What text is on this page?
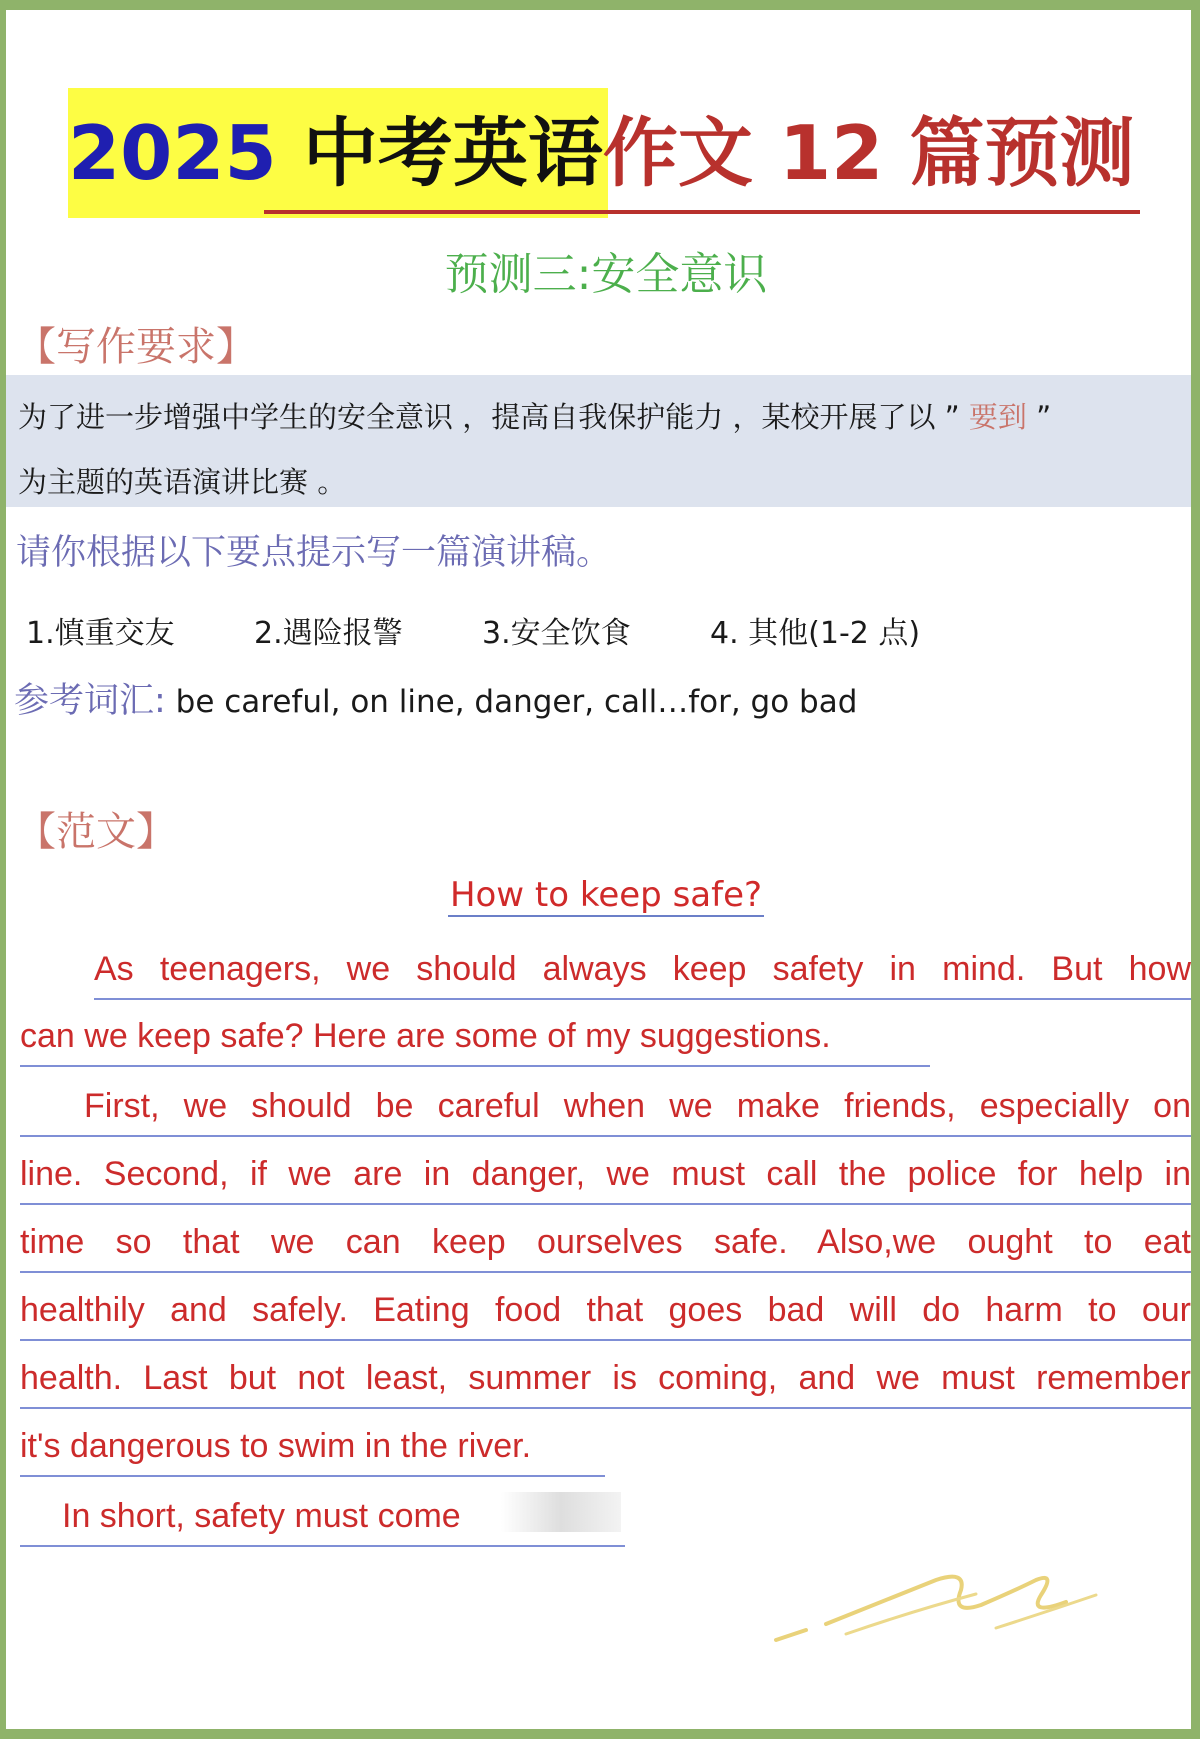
2025 中考英语作文 12 篇预测
预测三:安全意识
【写作要求】
为了进一步增强中学生的安全意识 ，提高自我保护能力 ，某校开展了以 ” 要到 ”
为主题的英语演讲比赛 。
请你根据以下要点提示写一篇演讲稿。
1.慎重交友	2.遇险报警	3.安全饮食	4. 其他(1-2 点)
参考词汇: be careful, on line, danger, call…for, go bad
【范文】
How to keep safe?
As teenagers, we should always keep safety in mind. But how
can we keep safe? Here are some of my suggestions.
First, we should be careful when we make friends, especially on
line. Second, if we are in danger, we must call the police for help in
time so that we can keep ourselves safe. Also,we ought to eat
healthily and safely. Eating food that goes bad will do harm to our
health. Last but not least, summer is coming, and we must remember
it's dangerous to swim in the river.
In short, safety must come
